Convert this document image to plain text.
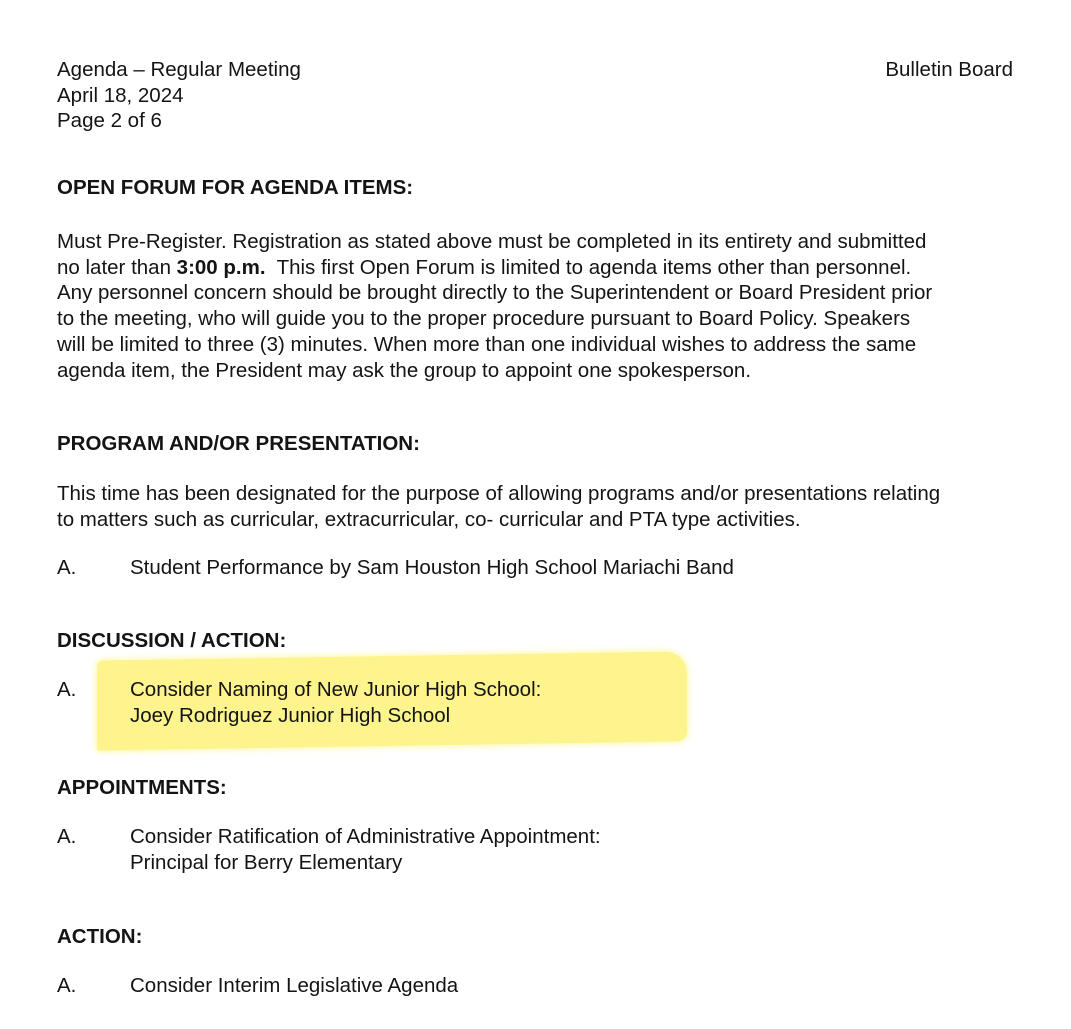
Agenda – Regular Meeting
April 18, 2024
Page 2 of 6
Bulletin Board
OPEN FORUM FOR AGENDA ITEMS:
Must Pre-Register. Registration as stated above must be completed in its entirety and submitted
no later than 3:00 p.m.  This first Open Forum is limited to agenda items other than personnel.
Any personnel concern should be brought directly to the Superintendent or Board President prior
to the meeting, who will guide you to the proper procedure pursuant to Board Policy. Speakers
will be limited to three (3) minutes. When more than one individual wishes to address the same
agenda item, the President may ask the group to appoint one spokesperson.
PROGRAM AND/OR PRESENTATION:
This time has been designated for the purpose of allowing programs and/or presentations relating
to matters such as curricular, extracurricular, co- curricular and PTA type activities.
A.	Student Performance by Sam Houston High School Mariachi Band
DISCUSSION / ACTION:
A.	Consider Naming of New Junior High School:
Joey Rodriguez Junior High School
APPOINTMENTS:
A.	Consider Ratification of Administrative Appointment:
Principal for Berry Elementary
ACTION:
A.	Consider Interim Legislative Agenda
